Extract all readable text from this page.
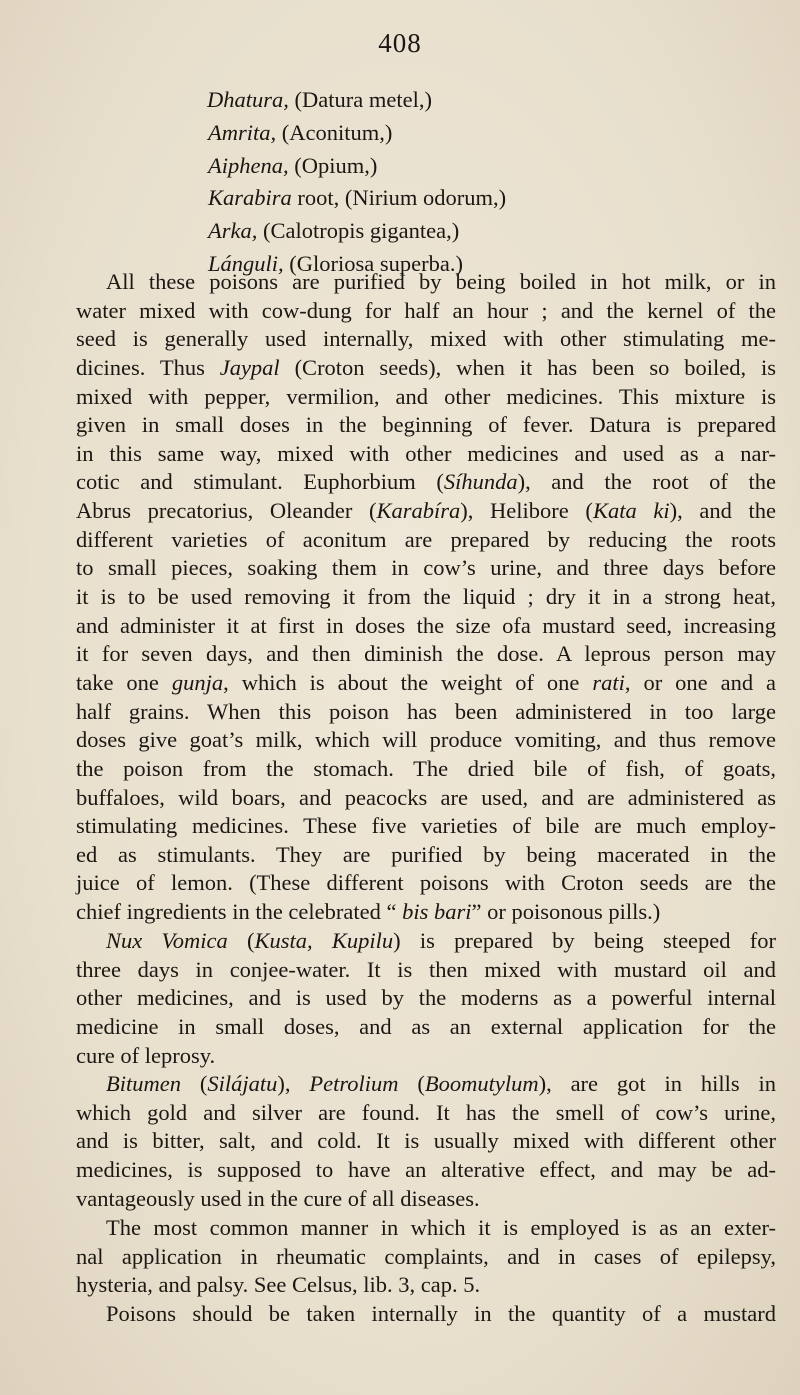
408
Dhatura, (Datura metel,)
Amrita, (Aconitum,)
Aiphena, (Opium,)
Karabira root, (Nirium odorum,)
Arka, (Calotropis gigantea,)
Lánguli, (Gloriosa superba.)
All these poisons are purified by being boiled in hot milk, or in
water mixed with cow-dung for half an hour ; and the kernel of the
seed is generally used internally, mixed with other stimulating me-
dicines. Thus Jaypal (Croton seeds), when it has been so boiled, is
mixed with pepper, vermilion, and other medicines. This mixture is
given in small doses in the beginning of fever. Datura is prepared
in this same way, mixed with other medicines and used as a nar-
cotic and stimulant. Euphorbium (Síhunda), and the root of the
Abrus precatorius, Oleander (Karabíra), Helibore (Kata ki), and the
different varieties of aconitum are prepared by reducing the roots
to small pieces, soaking them in cow’s urine, and three days before
it is to be used removing it from the liquid ; dry it in a strong heat,
and administer it at first in doses the size ofa mustard seed, increasing
it for seven days, and then diminish the dose. A leprous person may
take one gunja, which is about the weight of one rati, or one and a
half grains. When this poison has been administered in too large
doses give goat’s milk, which will produce vomiting, and thus remove
the poison from the stomach. The dried bile of fish, of goats,
buffaloes, wild boars, and peacocks are used, and are administered as
stimulating medicines. These five varieties of bile are much employ-
ed as stimulants. They are purified by being macerated in the
juice of lemon. (These different poisons with Croton seeds are the
chief ingredients in the celebrated “ bis bari” or poisonous pills.)
Nux Vomica (Kusta, Kupilu) is prepared by being steeped for
three days in conjee-water. It is then mixed with mustard oil and
other medicines, and is used by the moderns as a powerful internal
medicine in small doses, and as an external application for the
cure of leprosy.
Bitumen (Silájatu), Petrolium (Boomutylum), are got in hills in
which gold and silver are found. It has the smell of cow’s urine,
and is bitter, salt, and cold. It is usually mixed with different other
medicines, is supposed to have an alterative effect, and may be ad-
vantageously used in the cure of all diseases.
The most common manner in which it is employed is as an exter-
nal application in rheumatic complaints, and in cases of epilepsy,
hysteria, and palsy. See Celsus, lib. 3, cap. 5.
Poisons should be taken internally in the quantity of a mustard
